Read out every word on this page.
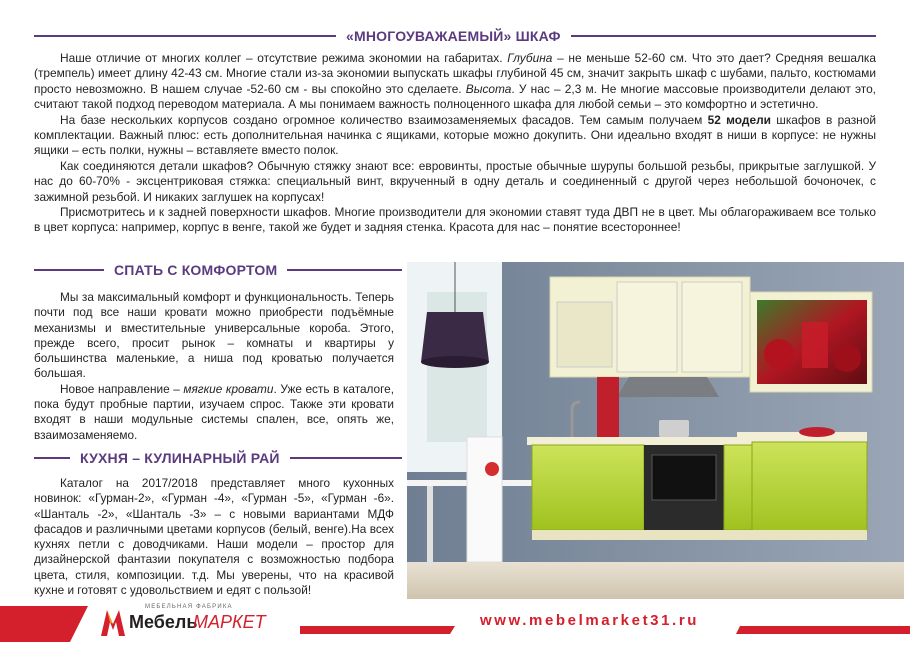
«МНОГОУВАЖАЕМЫЙ» ШКАФ

Наше отличие от многих коллег – отсутствие режима экономии на габаритах. Глубина – не меньше 52-60 см. Что это дает? Средняя вешалка (тремпель) имеет длину 42-43 см. Многие стали из-за экономии выпускать шкафы глубиной 45 см, значит закрыть шкаф с шубами, пальто, костюмами просто невозможно. В нашем случае -52-60 см - вы спокойно это сделаете. Высота. У нас – 2,3 м. Не многие массовые производители делают это, считают такой подход переводом материала. А мы понимаем важность полноценного шкафа для любой семьи – это комфортно и эстетично.

На базе нескольких корпусов создано огромное количество взаимозаменяемых фасадов. Тем самым получаем 52 модели шкафов в разной комплектации. Важный плюс: есть дополнительная начинка с ящиками, которые можно докупить. Они идеально входят в ниши в корпусе: не нужны ящики – есть полки, нужны – вставляете вместо полок.

Как соединяются детали шкафов? Обычную стяжку знают все: евровинты, простые обычные шурупы большой резьбы, прикрытые заглушкой. У нас до 60-70% - эксцентриковая стяжка: специальный винт, вкрученный в одну деталь и соединенный с другой через небольшой бочоночек, с зажимной резьбой. И никаких заглушек на корпусах!

Присмотритесь и к задней поверхности шкафов. Многие производители для экономии ставят туда ДВП не в цвет. Мы облагораживаем все только в цвет корпуса: например, корпус в венге, такой же будет и задняя стенка. Красота для нас – понятие всестороннее!

СПАТЬ С КОМФОРТОМ

Мы за максимальный комфорт и функциональность. Теперь почти под все наши кровати можно приобрести подъёмные механизмы и вместительные универсальные короба. Этого, прежде всего, просит рынок – комнаты и квартиры у большинства маленькие, а ниша под кроватью получается большая.

Новое направление – мягкие кровати. Уже есть в каталоге, пока будут пробные партии, изучаем спрос. Также эти кровати входят в наши модульные системы спален, все, опять же, взаимозаменяемо.

КУХНЯ – КУЛИНАРНЫЙ РАЙ

Каталог на 2017/2018 представляет много кухонных новинок: «Гурман-2», «Гурман -4», «Гурман -5», «Гурман -6». «Шанталь -2», «Шанталь -3» – с новыми вариантами МДФ фасадов и различными цветами корпусов (белый, венге).На всех кухнях петли с доводчиками. Наши модели – простор для дизайнерской фантазии покупателя с возможностью подбора цвета, стиля, композиции. т.д. Мы уверены, что на красивой кухне и готовят с удовольствием и едят с пользой!

МЕБЕЛЬНАЯ ФАБРИКА
Мебель
МАРКЕТ	www.mebelmarket31.ru
